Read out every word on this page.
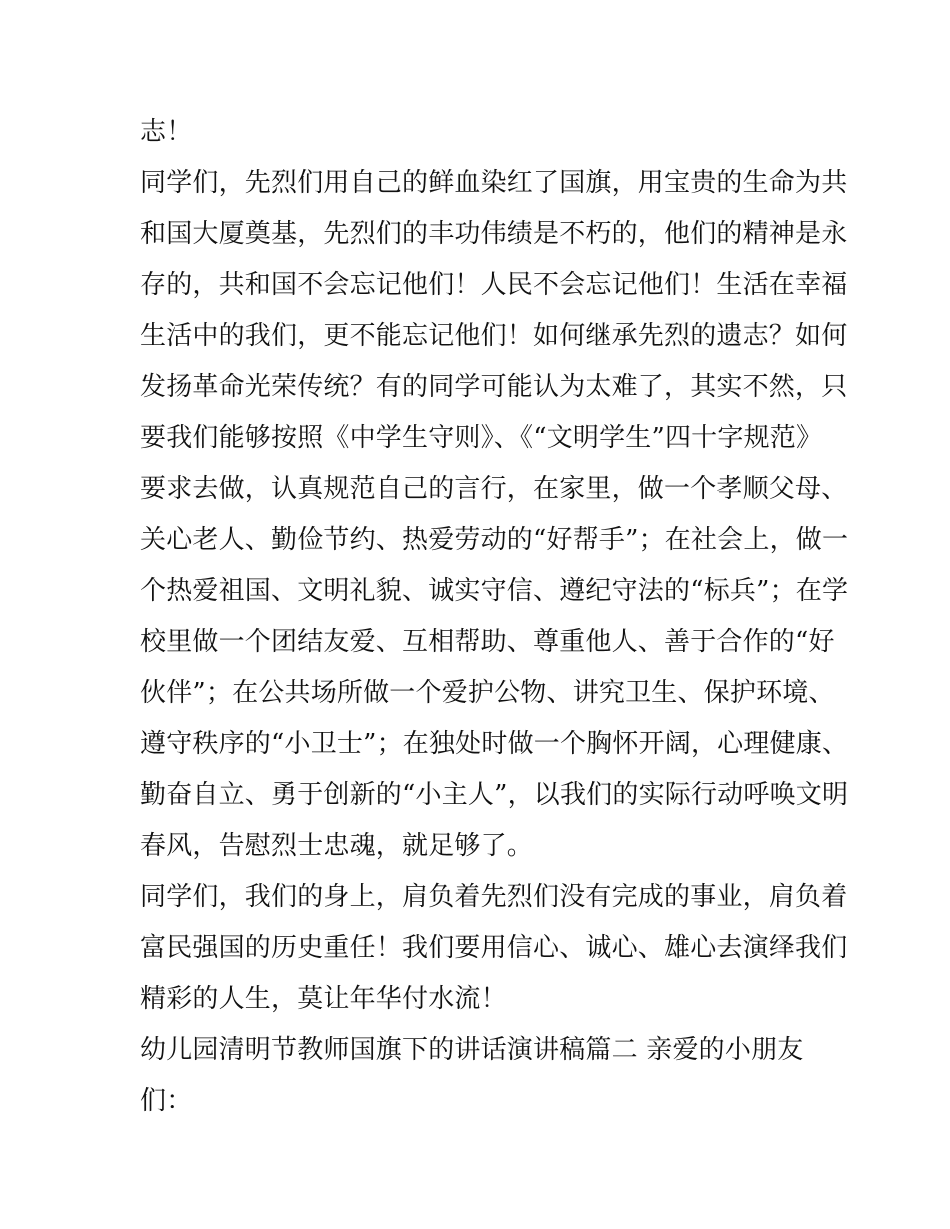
志！
同学们，先烈们用自己的鲜血染红了国旗，用宝贵的生命为共
和国大厦奠基，先烈们的丰功伟绩是不朽的，他们的精神是永
存的，共和国不会忘记他们！人民不会忘记他们！生活在幸福
生活中的我们，更不能忘记他们！如何继承先烈的遗志？如何
发扬革命光荣传统？有的同学可能认为太难了，其实不然，只
要我们能够按照《中学生守则》、《“文明学生”四十字规范》
要求去做，认真规范自己的言行，在家里，做一个孝顺父母、
关心老人、勤俭节约、热爱劳动的“好帮手”；在社会上，做一
个热爱祖国、文明礼貌、诚实守信、遵纪守法的“标兵”；在学
校里做一个团结友爱、互相帮助、尊重他人、善于合作的“好
伙伴”；在公共场所做一个爱护公物、讲究卫生、保护环境、
遵守秩序的“小卫士”；在独处时做一个胸怀开阔，心理健康、
勤奋自立、勇于创新的“小主人”，以我们的实际行动呼唤文明
春风，告慰烈士忠魂，就足够了。
同学们，我们的身上，肩负着先烈们没有完成的事业，肩负着
富民强国的历史重任！我们要用信心、诚心、雄心去演绎我们
精彩的人生，莫让年华付水流！
幼儿园清明节教师国旗下的讲话演讲稿篇二 亲爱的小朋友
们：
